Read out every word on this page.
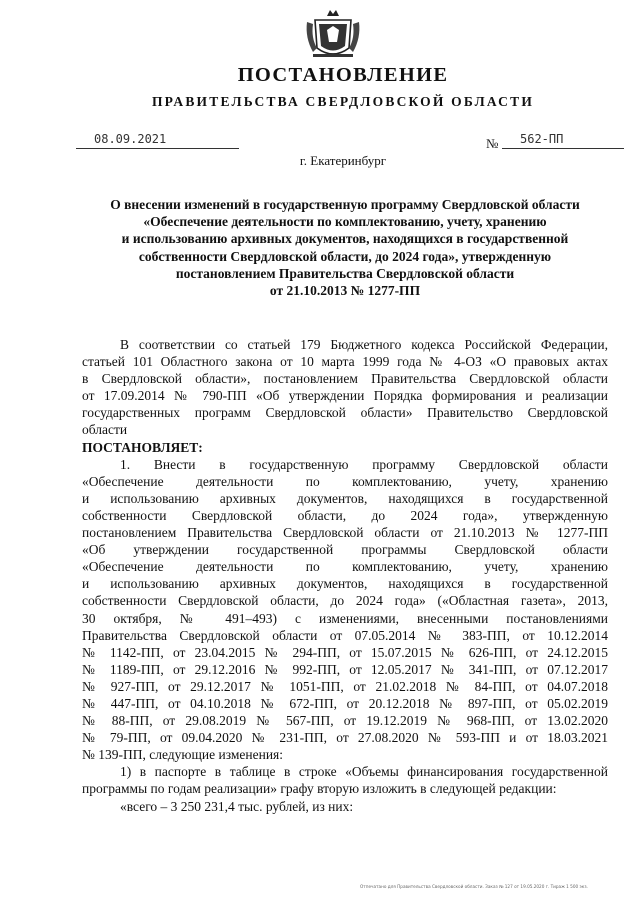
ПОСТАНОВЛЕНИЕ
ПРАВИТЕЛЬСТВА СВЕРДЛОВСКОЙ ОБЛАСТИ
08.09.2021	№	562-ПП
г. Екатеринбург
О внесении изменений в государственную программу Свердловской области
«Обеспечение деятельности по комплектованию, учету, хранению
и использованию архивных документов, находящихся в государственной
собственности Свердловской области, до 2024 года», утвержденную
постановлением Правительства Свердловской области
от 21.10.2013 № 1277-ПП
В соответствии со статьей 179 Бюджетного кодекса Российской Федерации,
статьей 101 Областного закона от 10 марта 1999 года № 4-ОЗ «О правовых актах
в Свердловской области», постановлением Правительства Свердловской области
от 17.09.2014 № 790-ПП «Об утверждении Порядка формирования и реализации
государственных программ Свердловской области» Правительство Свердловской
области
ПОСТАНОВЛЯЕТ:
1. Внести в государственную программу Свердловской области
«Обеспечение деятельности по комплектованию, учету, хранению
и использованию архивных документов, находящихся в государственной
собственности Свердловской области, до 2024 года», утвержденную
постановлением Правительства Свердловской области от 21.10.2013 № 1277-ПП
«Об утверждении государственной программы Свердловской области
«Обеспечение деятельности по комплектованию, учету, хранению
и использованию архивных документов, находящихся в государственной
собственности Свердловской области, до 2024 года» («Областная газета», 2013,
30 октября, № 491–493) с изменениями, внесенными постановлениями
Правительства Свердловской области от 07.05.2014 № 383-ПП, от 10.12.2014
№ 1142-ПП, от 23.04.2015 № 294-ПП, от 15.07.2015 № 626-ПП, от 24.12.2015
№ 1189-ПП, от 29.12.2016 № 992-ПП, от 12.05.2017 № 341-ПП, от 07.12.2017
№ 927-ПП, от 29.12.2017 № 1051-ПП, от 21.02.2018 № 84-ПП, от 04.07.2018
№ 447-ПП, от 04.10.2018 № 672-ПП, от 20.12.2018 № 897-ПП, от 05.02.2019
№ 88-ПП, от 29.08.2019 № 567-ПП, от 19.12.2019 № 968-ПП, от 13.02.2020
№ 79-ПП, от 09.04.2020 № 231-ПП, от 27.08.2020 № 593-ПП и от 18.03.2021
№ 139-ПП, следующие изменения:
1) в паспорте в таблице в строке «Объемы финансирования государственной
программы по годам реализации» графу вторую изложить в следующей редакции:
«всего – 3 250 231,4 тыс. рублей, из них:
Отпечатано для Правительства Свердловской области. Заказ № 127 от 19.05.2020 г. Тираж 1 500 экз.
